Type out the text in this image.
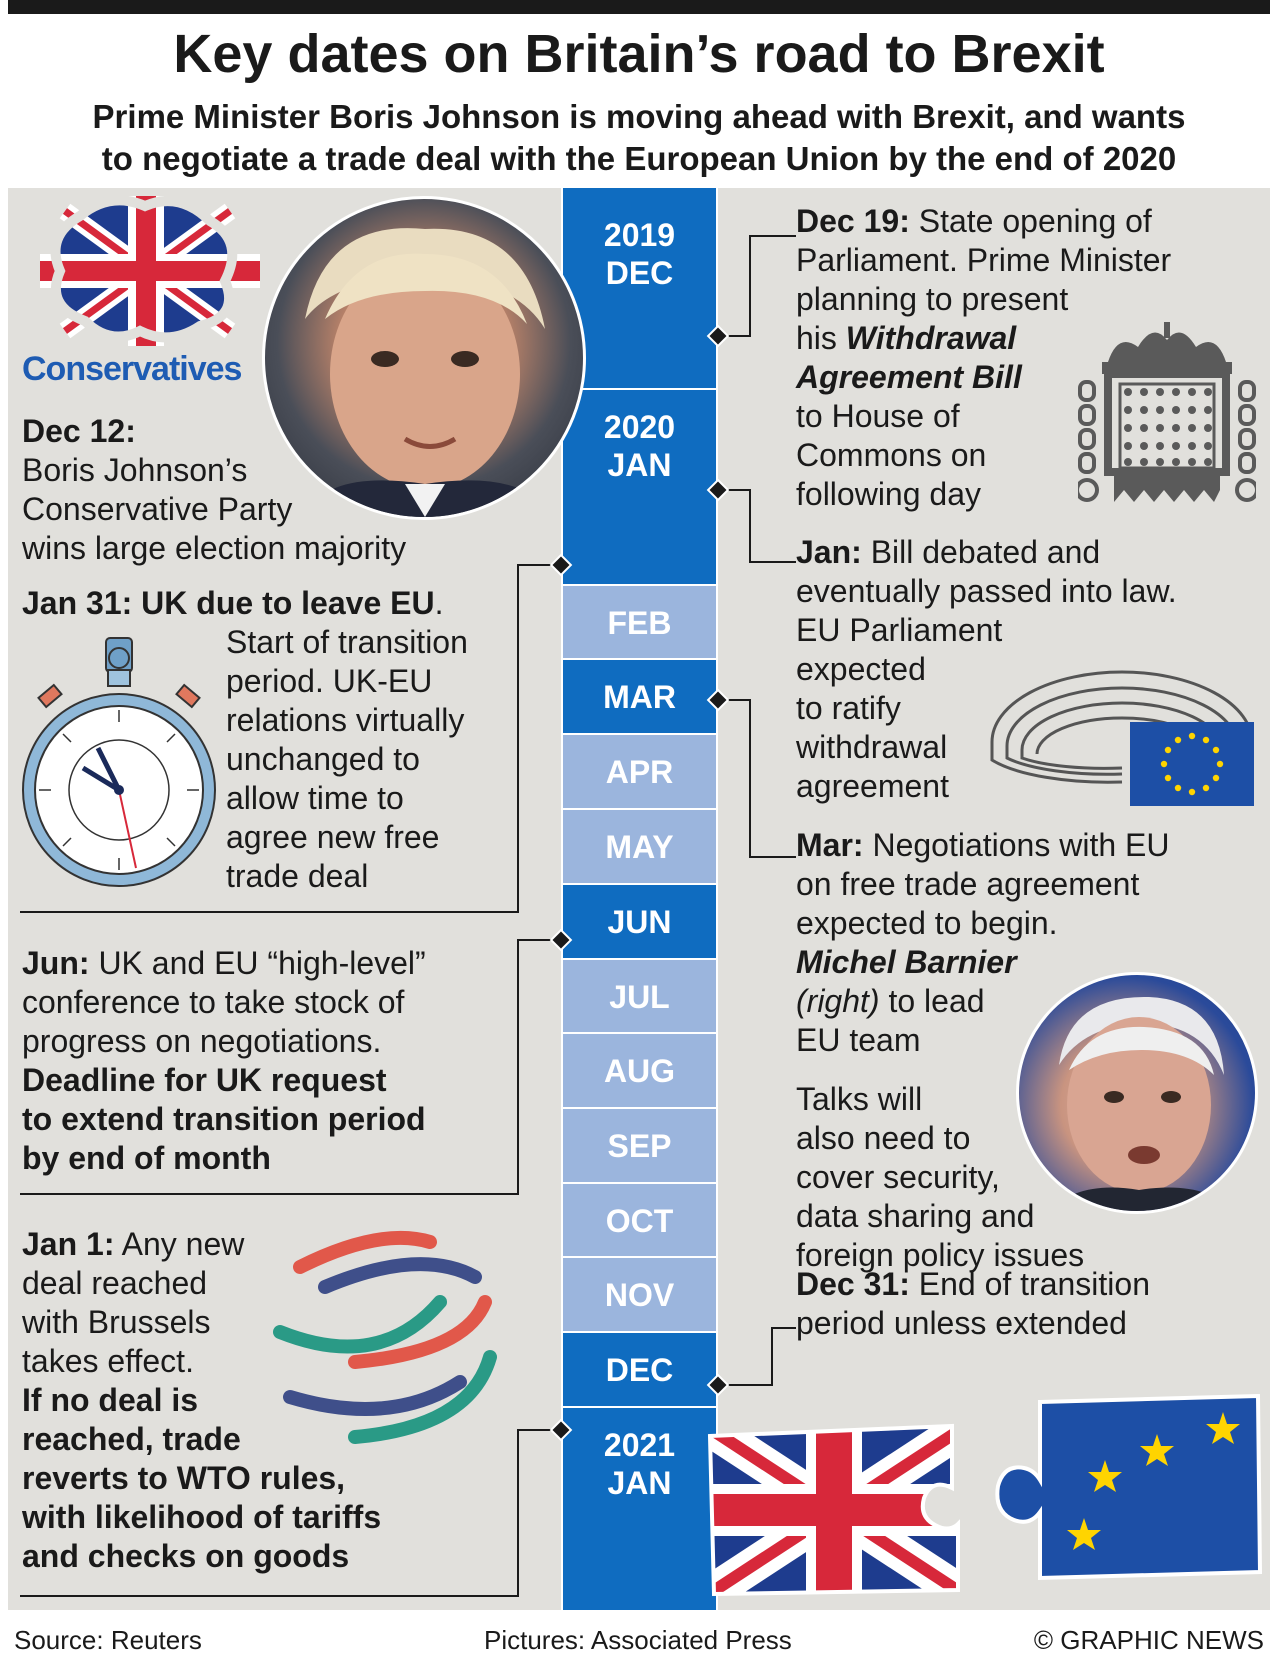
Key dates on Britain’s road to Brexit
Prime Minister Boris Johnson is moving ahead with Brexit, and wants
to negotiate a trade deal with the European Union by the end of 2020
2019
DEC
2020
JAN
FEB
MAR
APR
MAY
JUN
JUL
AUG
SEP
OCT
NOV
DEC
2021
JAN
Conservatives
Dec 12:
Boris Johnson’s
Conservative Party
wins large election majority
Jan 31: UK due to leave EU.
Start of transition
period. UK-EU
relations virtually
unchanged to
allow time to
agree new free
trade deal
Jun: UK and EU “high-level”
conference to take stock of
progress on negotiations.
Deadline for UK request
to extend transition period
by end of month
Jan 1: Any new
deal reached
with Brussels
takes effect.
If no deal is
reached, trade
reverts to WTO rules,
with likelihood of tariffs
and checks on goods
Dec 19: State opening of
Parliament. Prime Minister
planning to present
his Withdrawal
Agreement Bill
to House of
Commons on
following day
Jan: Bill debated and
eventually passed into law.
EU Parliament
expected
to ratify
withdrawal
agreement
Mar: Negotiations with EU
on free trade agreement
expected to begin.
Michel Barnier
(right) to lead
EU team
Talks will
also need to
cover security,
data sharing and
foreign policy issues
Dec 31: End of transition
period unless extended
Source: Reuters	Pictures: Associated Press	© GRAPHIC NEWS
